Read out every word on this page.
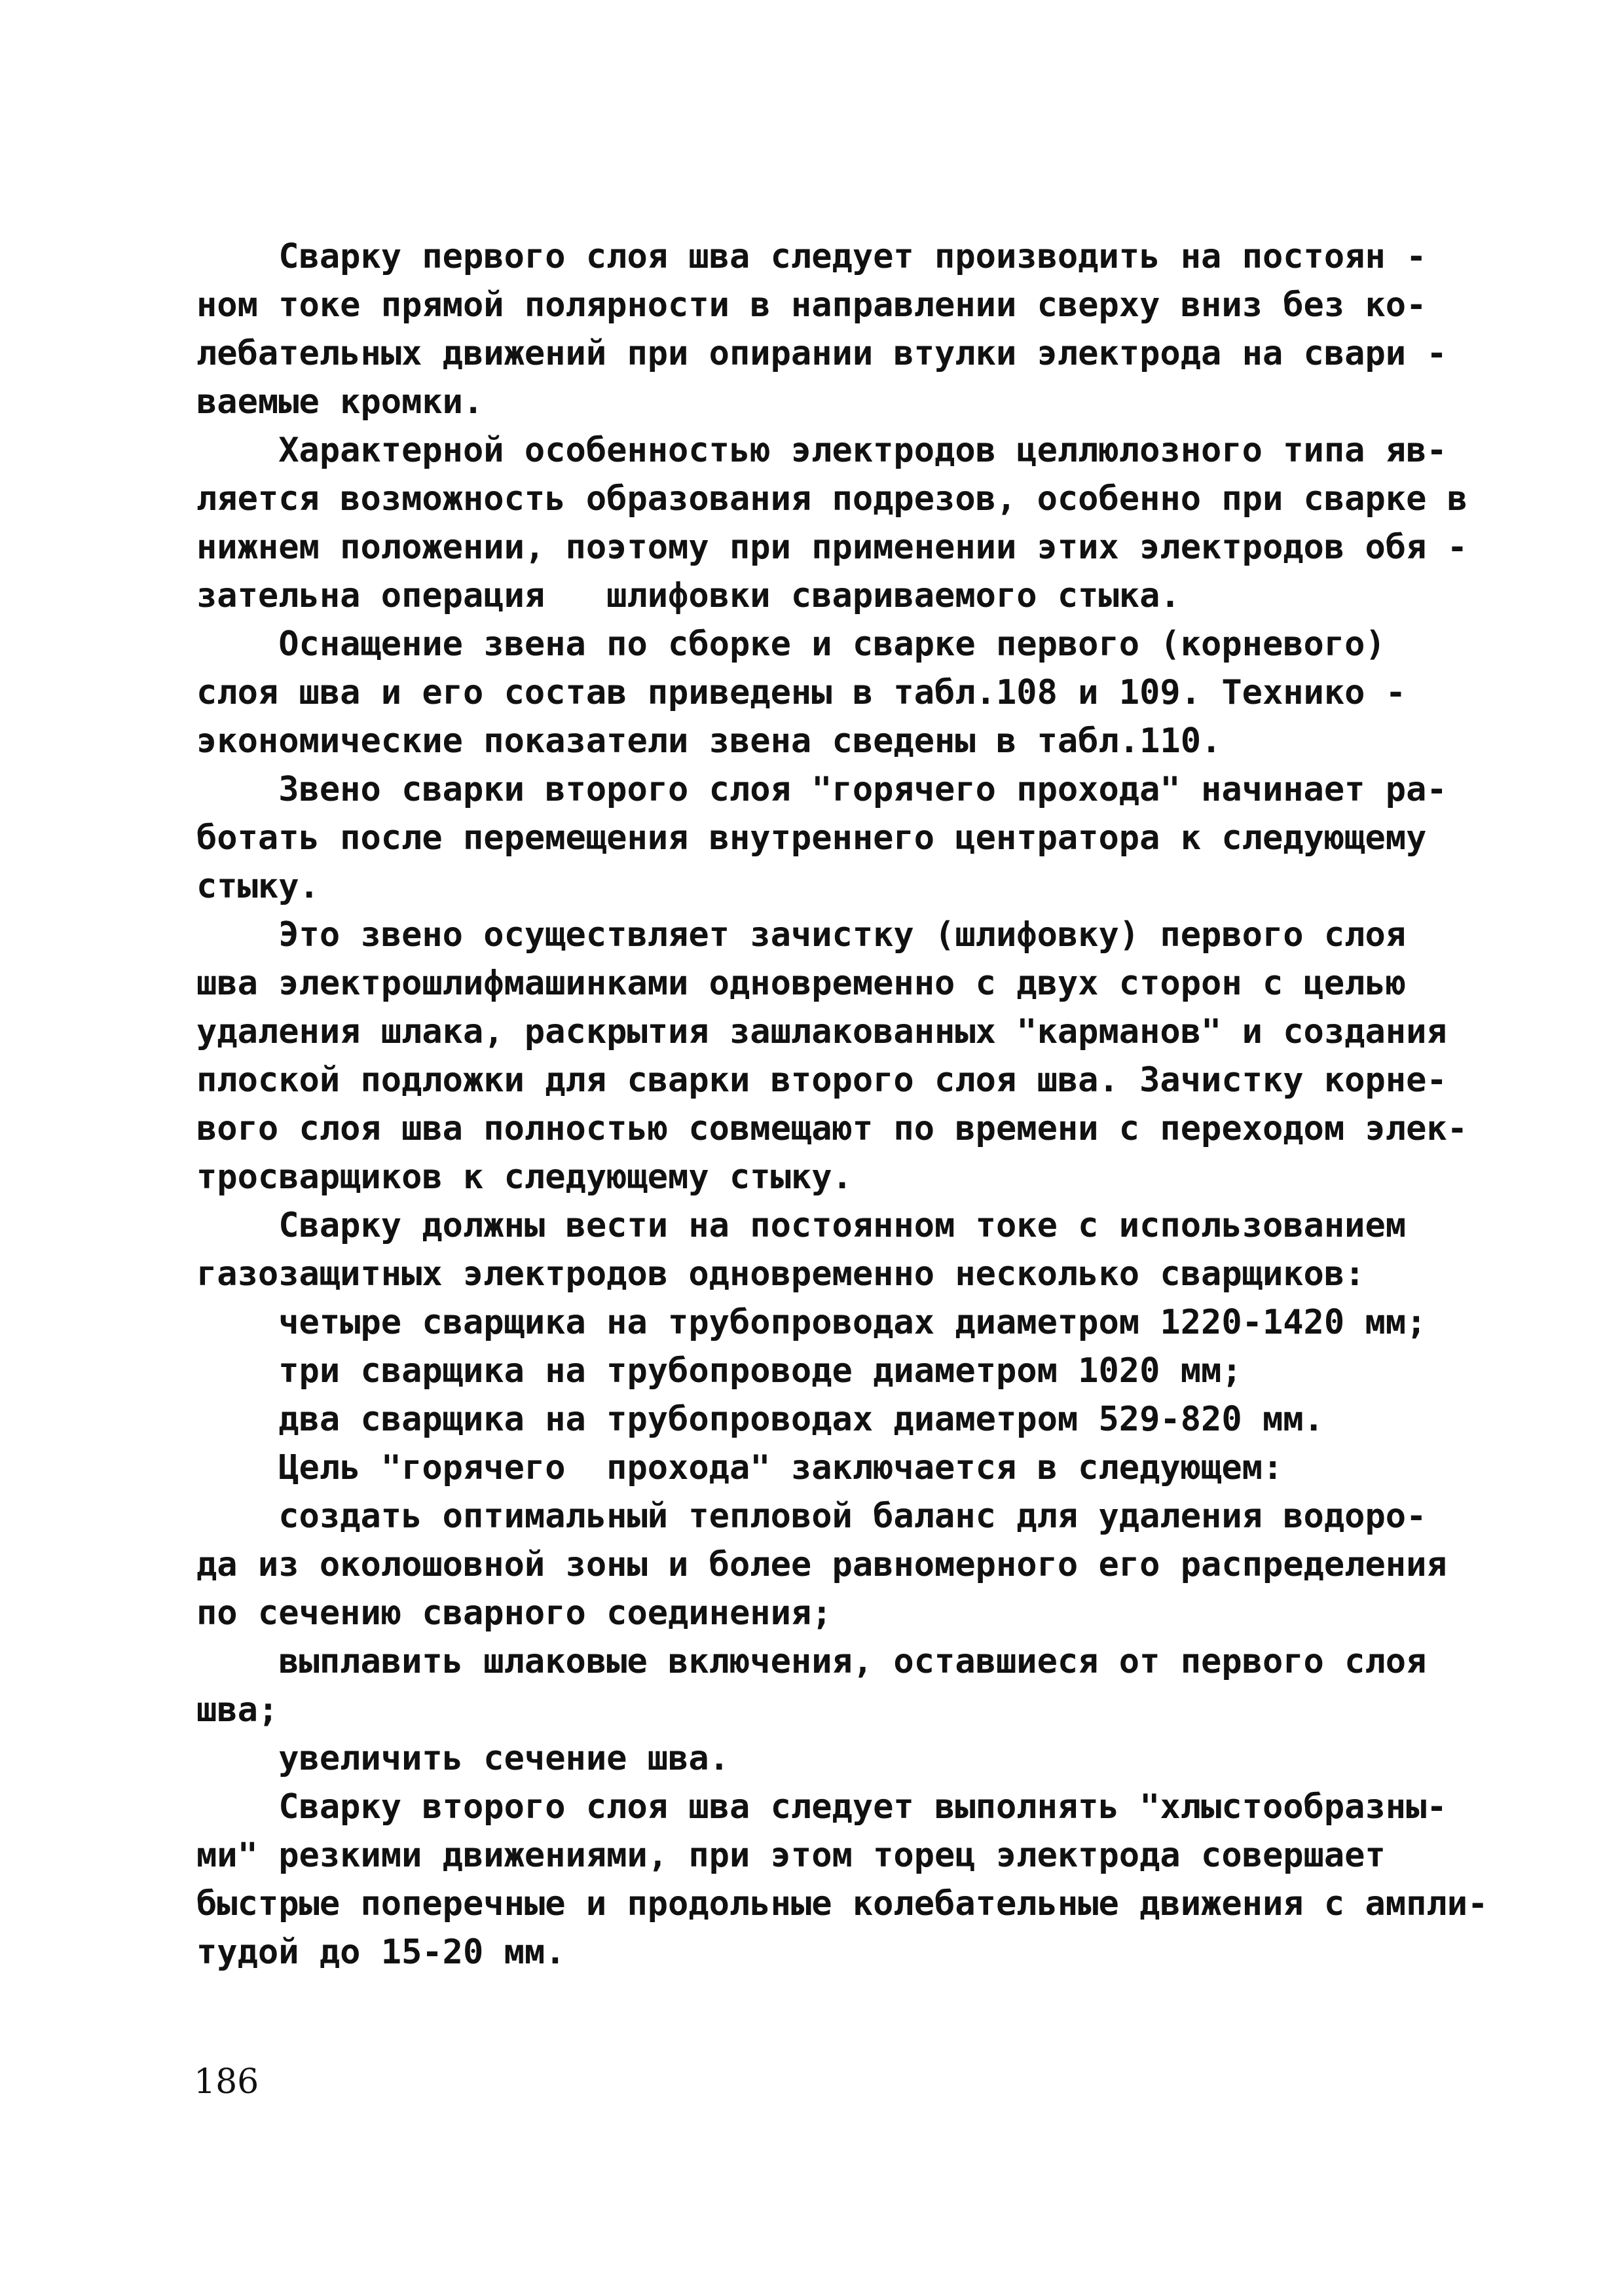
Сварку первого слоя шва следует производить на постоян -
ном токе прямой полярности в направлении сверху вниз без ко-
лебательных движений при опирании втулки электрода на свари -
ваемые кромки.
Характерной особенностью электродов целлюлозного типа яв-
ляется возможность образования подрезов, особенно при сварке в
нижнем положении, поэтому при применении этих электродов обя -
зательна операция   шлифовки свариваемого стыка.
Оснащение звена по сборке и сварке первого (корневого)
слоя шва и его состав приведены в табл.108 и 109. Технико -
экономические показатели звена сведены в табл.110.
Звено сварки второго слоя "горячего прохода" начинает ра-
ботать после перемещения внутреннего центратора к следующему
стыку.
Это звено осуществляет зачистку (шлифовку) первого слоя
шва электрошлифмашинками одновременно с двух сторон с целью
удаления шлака, раскрытия зашлакованных "карманов" и создания
плоской подложки для сварки второго слоя шва. Зачистку корне-
вого слоя шва полностью совмещают по времени с переходом элек-
тросварщиков к следующему стыку.
Сварку должны вести на постоянном токе с использованием
газозащитных электродов одновременно несколько сварщиков:
четыре сварщика на трубопроводах диаметром 1220-1420 мм;
три сварщика на трубопроводе диаметром 1020 мм;
два сварщика на трубопроводах диаметром 529-820 мм.
Цель "горячего  прохода" заключается в следующем:
создать оптимальный тепловой баланс для удаления водоро-
да из околошовной зоны и более равномерного его распределения
по сечению сварного соединения;
выплавить шлаковые включения, оставшиеся от первого слоя
шва;
увеличить сечение шва.
Сварку второго слоя шва следует выполнять "хлыстообразны-
ми" резкими движениями, при этом торец электрода совершает
быстрые поперечные и продольные колебательные движения с ампли-
тудой до 15-20 мм.
186
